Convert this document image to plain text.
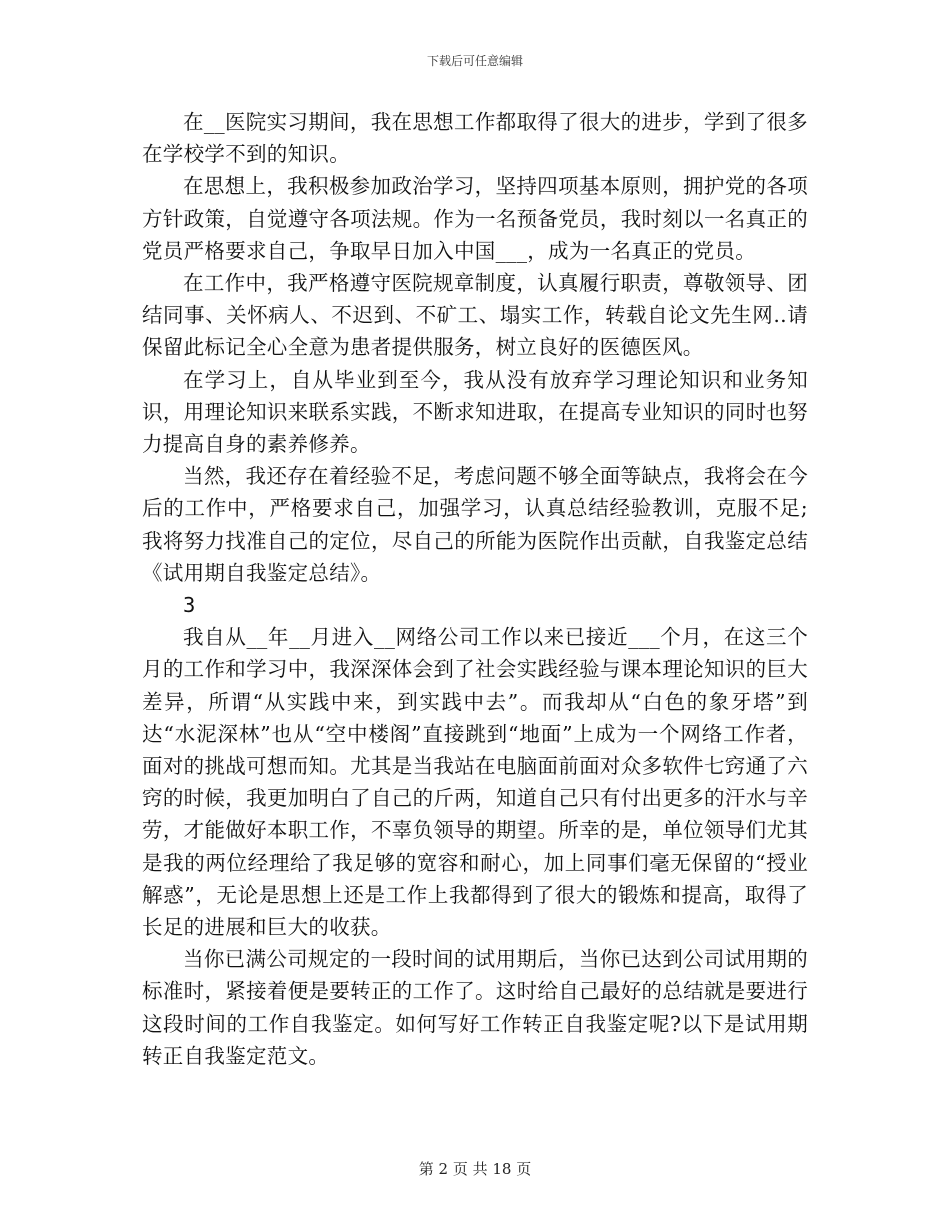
下载后可任意编辑

在__医院实习期间，我在思想工作都取得了很大的进步，学到了很多在学校学不到的知识。

在思想上，我积极参加政治学习，坚持四项基本原则，拥护党的各项方针政策，自觉遵守各项法规。作为一名预备党员，我时刻以一名真正的党员严格要求自己，争取早日加入中国___，成为一名真正的党员。

在工作中，我严格遵守医院规章制度，认真履行职责，尊敬领导、团结同事、关怀病人、不迟到、不矿工、塌实工作，转载自论文先生网..请保留此标记全心全意为患者提供服务，树立良好的医德医风。

在学习上，自从毕业到至今，我从没有放弃学习理论知识和业务知识，用理论知识来联系实践，不断求知进取，在提高专业知识的同时也努力提高自身的素养修养。

当然，我还存在着经验不足，考虑问题不够全面等缺点，我将会在今后的工作中，严格要求自己，加强学习，认真总结经验教训，克服不足;我将努力找准自己的定位，尽自己的所能为医院作出贡献，自我鉴定总结《试用期自我鉴定总结》。

3

我自从__年__月进入__网络公司工作以来已接近___个月，在这三个月的工作和学习中，我深深体会到了社会实践经验与课本理论知识的巨大差异，所谓“从实践中来，到实践中去”。而我却从“白色的象牙塔”到达“水泥深林”也从“空中楼阁”直接跳到“地面”上成为一个网络工作者，面对的挑战可想而知。尤其是当我站在电脑面前面对众多软件七窍通了六窍的时候，我更加明白了自己的斤两，知道自己只有付出更多的汗水与辛劳，才能做好本职工作，不辜负领导的期望。所幸的是，单位领导们尤其是我的两位经理给了我足够的宽容和耐心，加上同事们毫无保留的“授业解惑”，无论是思想上还是工作上我都得到了很大的锻炼和提高，取得了长足的进展和巨大的收获。

当你已满公司规定的一段时间的试用期后，当你已达到公司试用期的标准时，紧接着便是要转正的工作了。这时给自己最好的总结就是要进行这段时间的工作自我鉴定。如何写好工作转正自我鉴定呢?以下是试用期转正自我鉴定范文。

第 2 页 共 18 页
